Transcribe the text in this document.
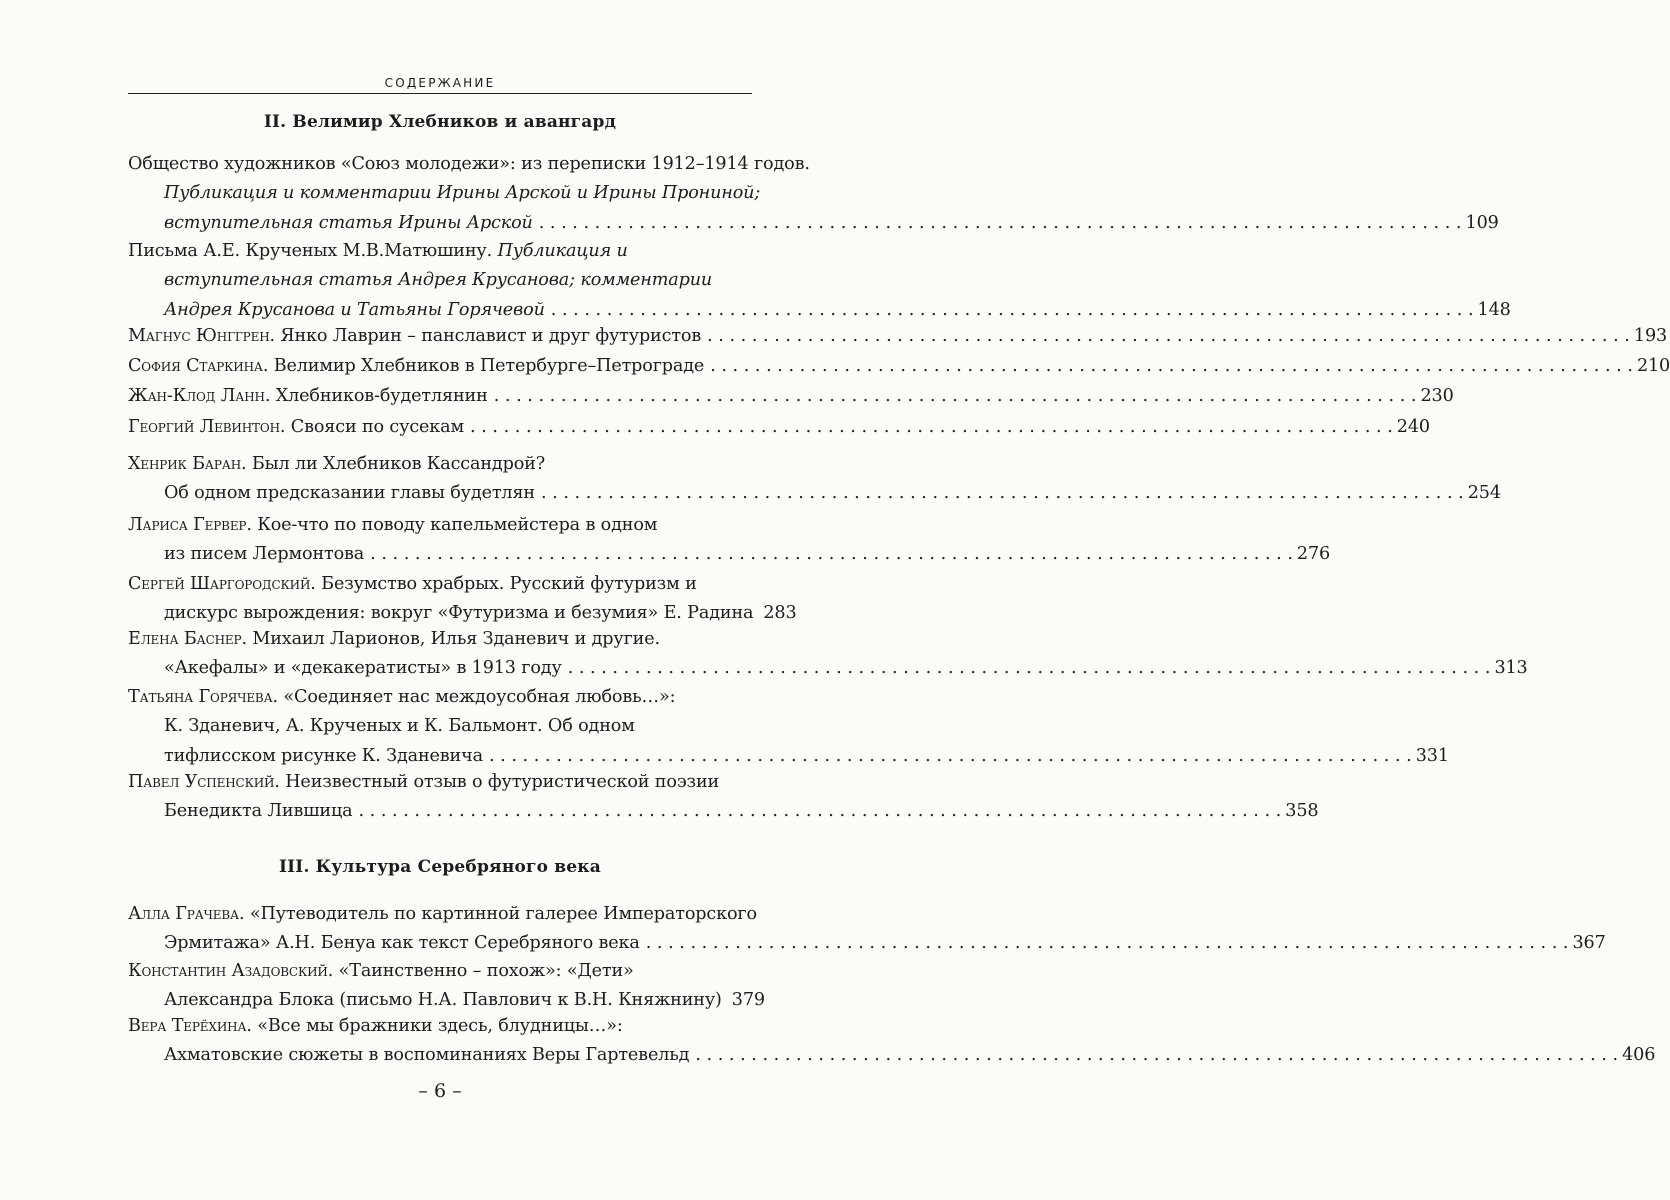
СОДЕРЖАНИЕ
II. Велимир Хлебников и авангард
Общество художников «Союз молодежи»: из переписки 1912–1914 годов.
Публикация и комментарии Ирины Арской и Ирины Прониной;
вступительная статья Ирины Арской . . .	109
Письма А.Е. Крученых М.В.Матюшину. Публикация и
вступительная статья Андрея Крусанова; комментарии
Андрея Крусанова и Татьяны Горячевой . . .	148
Магнус Юнггрен. Янко Лаврин – панславист и друг футуристов . . .	193
София Старкина. Велимир Хлебников в Петербурге–Петрограде . . .	210
Жан-Клод Ланн. Хлебников-будетлянин . . .	230
Георгий Левинтон. Свояси по сусекам . . .	240
Хенрик Баран. Был ли Хлебников Кассандрой?
Об одном предсказании главы будетлян . . .	254
Лариса Гервер. Кое-что по поводу капельмейстера в одном
из писем Лермонтова . . .	276
Сергей Шаргородский. Безумство храбрых. Русский футуризм и
дискурс вырождения: вокруг «Футуризма и безумия» Е. Радина 283
Елена Баснер. Михаил Ларионов, Илья Зданевич и другие.
«Акефалы» и «декакератисты» в 1913 году . . .	313
Татьяна Горячева. «Соединяет нас междоусобная любовь…»:
К. Зданевич, А. Крученых и К. Бальмонт. Об одном
тифлисском рисунке К. Зданевича . . .	331
Павел Успенский. Неизвестный отзыв о футуристической поэзии
Бенедикта Лившица . . .	358
III. Культура Серебряного века
Алла Грачева. «Путеводитель по картинной галерее Императорского
Эрмитажа» А.Н. Бенуа как текст Серебряного века . . .	367
Константин Азадовский. «Таинственно – похож»: «Дети»
Александра Блока (письмо Н.А. Павлович к В.Н. Княжнину) 379
Вера Терёхина. «Все мы бражники здесь, блудницы…»:
Ахматовские сюжеты в воспоминаниях Веры Гартевельд . . .	406
– 6 –
